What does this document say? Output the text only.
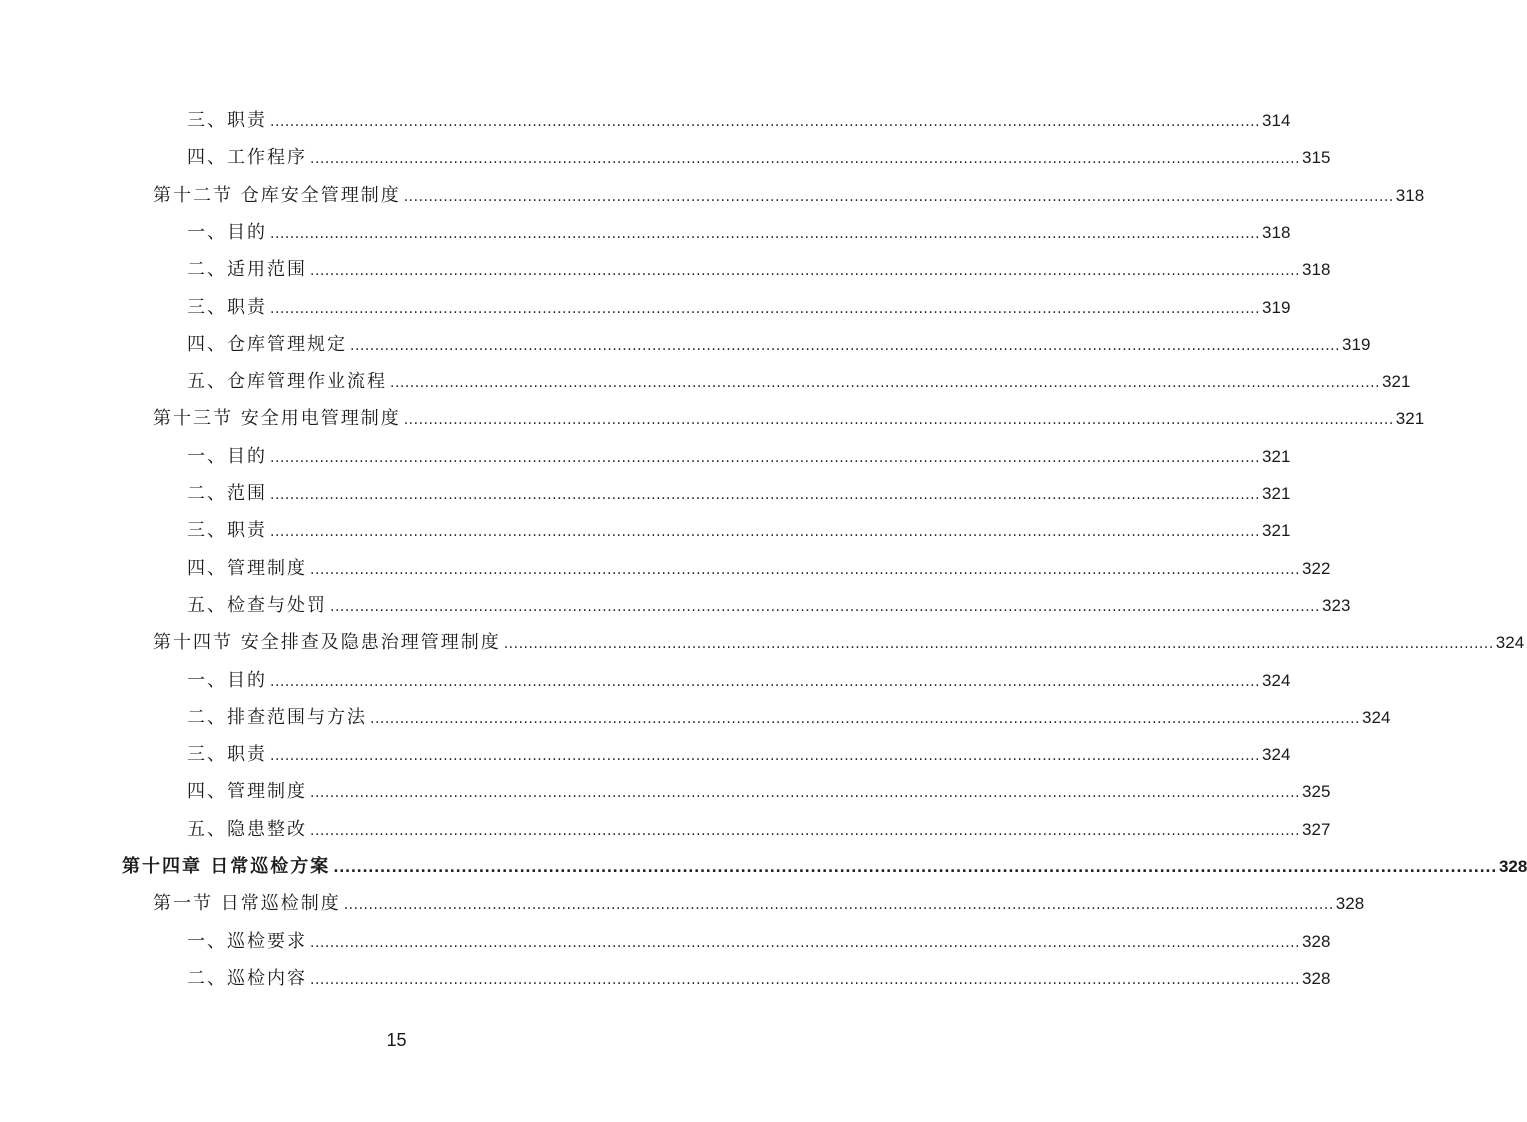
三、职责 ........................................................................................................................................................................................................ 314
四、工作程序 ........................................................................................................................................................................................................ 315
第十二节 仓库安全管理制度 ........................................................................................................................................................................................................ 318
一、目的 ........................................................................................................................................................................................................ 318
二、适用范围 ........................................................................................................................................................................................................ 318
三、职责 ........................................................................................................................................................................................................ 319
四、仓库管理规定 ........................................................................................................................................................................................................ 319
五、仓库管理作业流程 ........................................................................................................................................................................................................ 321
第十三节 安全用电管理制度 ........................................................................................................................................................................................................ 321
一、目的 ........................................................................................................................................................................................................ 321
二、范围 ........................................................................................................................................................................................................ 321
三、职责 ........................................................................................................................................................................................................ 321
四、管理制度 ........................................................................................................................................................................................................ 322
五、检查与处罚 ........................................................................................................................................................................................................ 323
第十四节 安全排查及隐患治理管理制度 ........................................................................................................................................................................................................ 324
一、目的 ........................................................................................................................................................................................................ 324
二、排查范围与方法 ........................................................................................................................................................................................................ 324
三、职责 ........................................................................................................................................................................................................ 324
四、管理制度 ........................................................................................................................................................................................................ 325
五、隐患整改 ........................................................................................................................................................................................................ 327
第十四章 日常巡检方案 ........................................................................................................................................................................................................ 328
第一节 日常巡检制度 ........................................................................................................................................................................................................ 328
一、巡检要求 ........................................................................................................................................................................................................ 328
二、巡检内容 ........................................................................................................................................................................................................ 328
15
